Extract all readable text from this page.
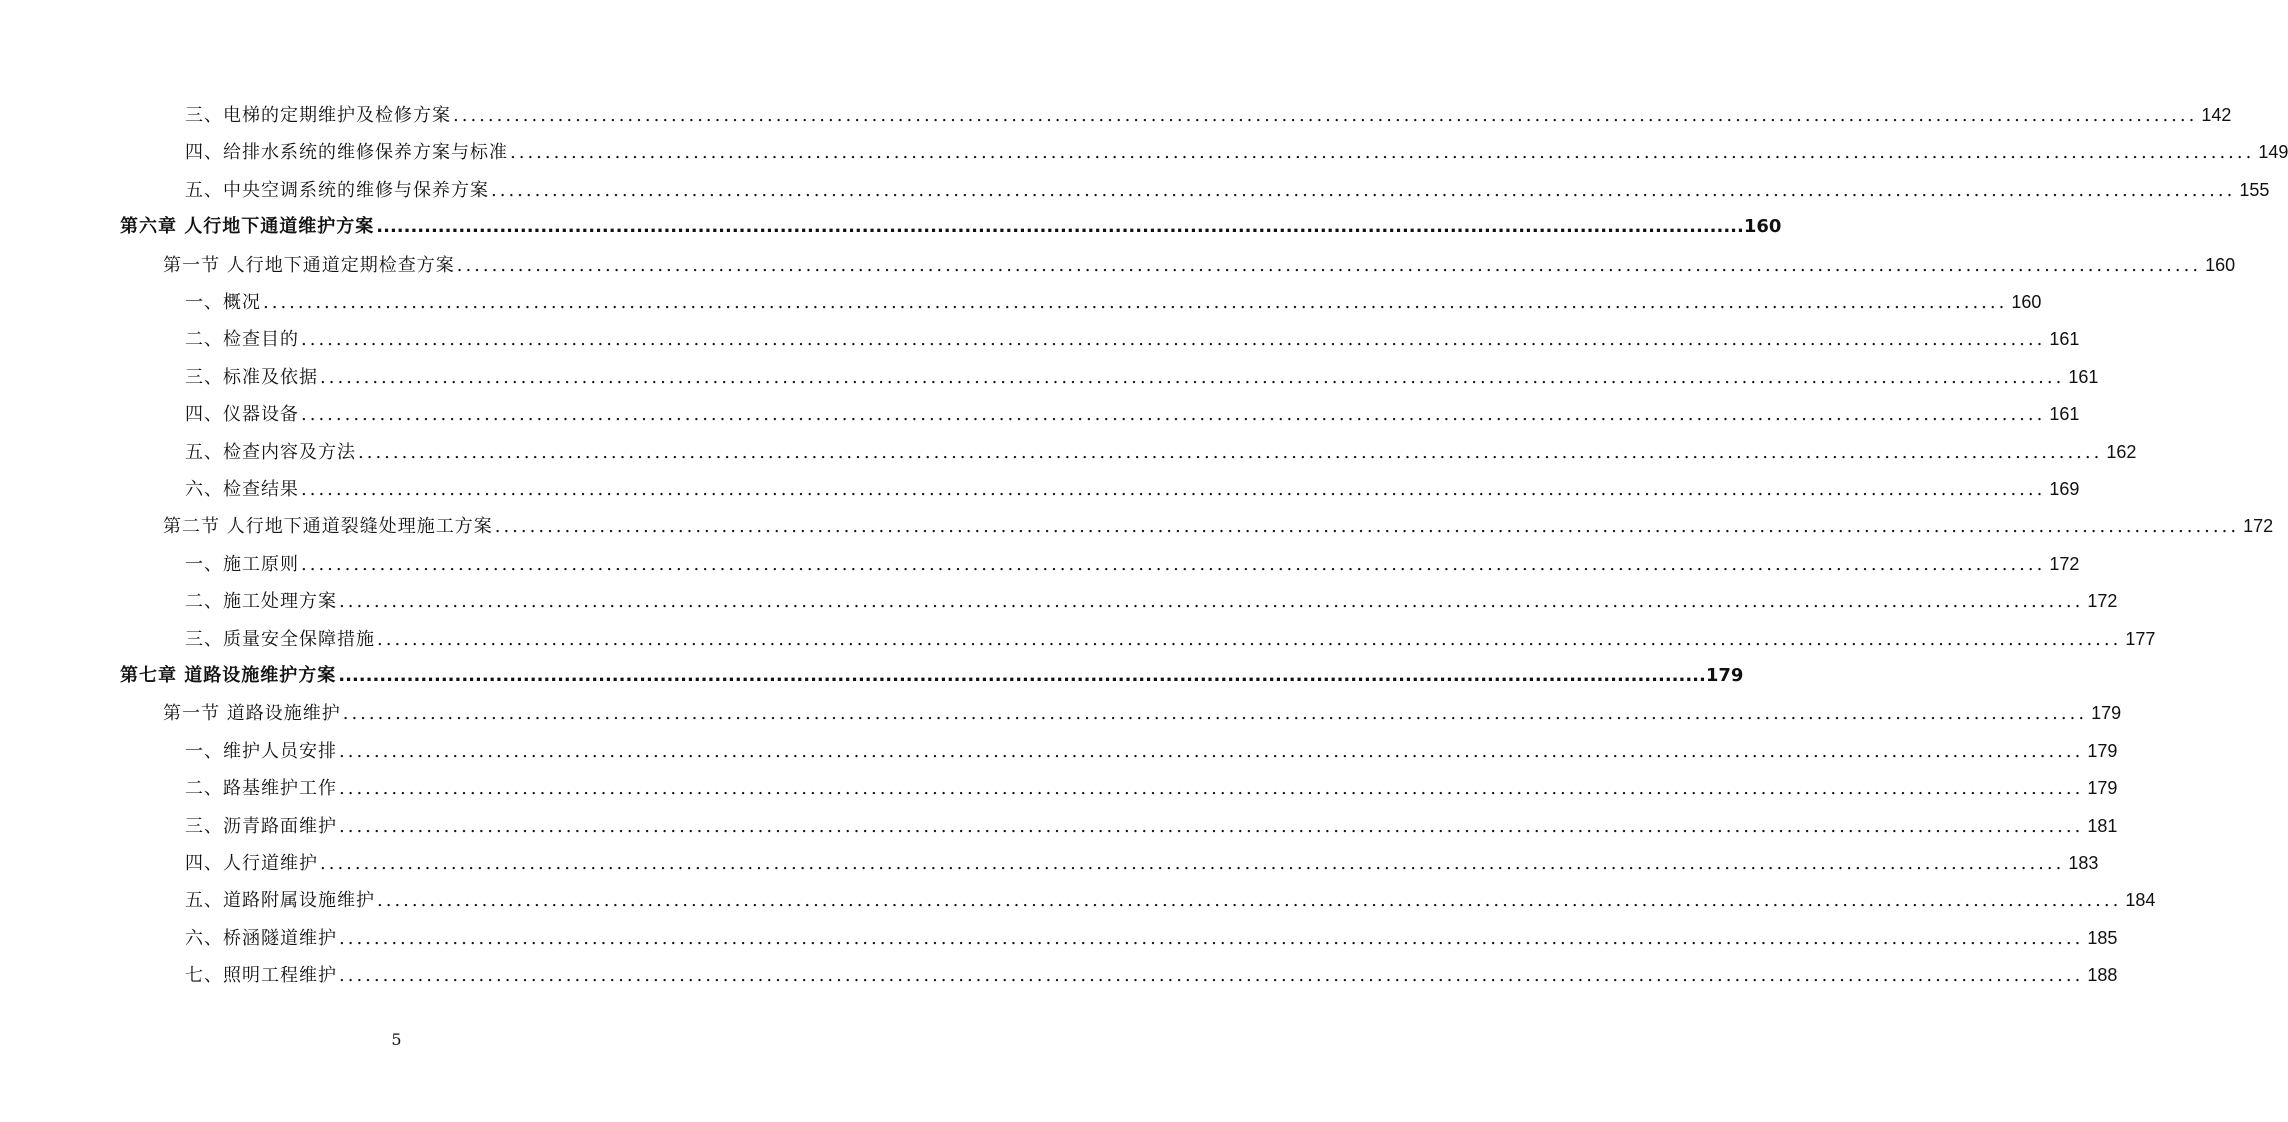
三、电梯的定期维护及检修方案 ........................................................................................................................................................................................................ 142
四、给排水系统的维修保养方案与标准 ........................................................................................................................................................................................................ 149
五、中央空调系统的维修与保养方案 ........................................................................................................................................................................................................ 155
第六章 人行地下通道维护方案 ........................................................................................................................................................................................................ 160
第一节 人行地下通道定期检查方案 ........................................................................................................................................................................................................ 160
一、概况 ........................................................................................................................................................................................................ 160
二、检查目的 ........................................................................................................................................................................................................ 161
三、标准及依据 ........................................................................................................................................................................................................ 161
四、仪器设备 ........................................................................................................................................................................................................ 161
五、检查内容及方法 ........................................................................................................................................................................................................ 162
六、检查结果 ........................................................................................................................................................................................................ 169
第二节 人行地下通道裂缝处理施工方案 ........................................................................................................................................................................................................ 172
一、施工原则 ........................................................................................................................................................................................................ 172
二、施工处理方案 ........................................................................................................................................................................................................ 172
三、质量安全保障措施 ........................................................................................................................................................................................................ 177
第七章 道路设施维护方案 ........................................................................................................................................................................................................ 179
第一节 道路设施维护 ........................................................................................................................................................................................................ 179
一、维护人员安排 ........................................................................................................................................................................................................ 179
二、路基维护工作 ........................................................................................................................................................................................................ 179
三、沥青路面维护 ........................................................................................................................................................................................................ 181
四、人行道维护 ........................................................................................................................................................................................................ 183
五、道路附属设施维护 ........................................................................................................................................................................................................ 184
六、桥涵隧道维护 ........................................................................................................................................................................................................ 185
七、照明工程维护 ........................................................................................................................................................................................................ 188
5
